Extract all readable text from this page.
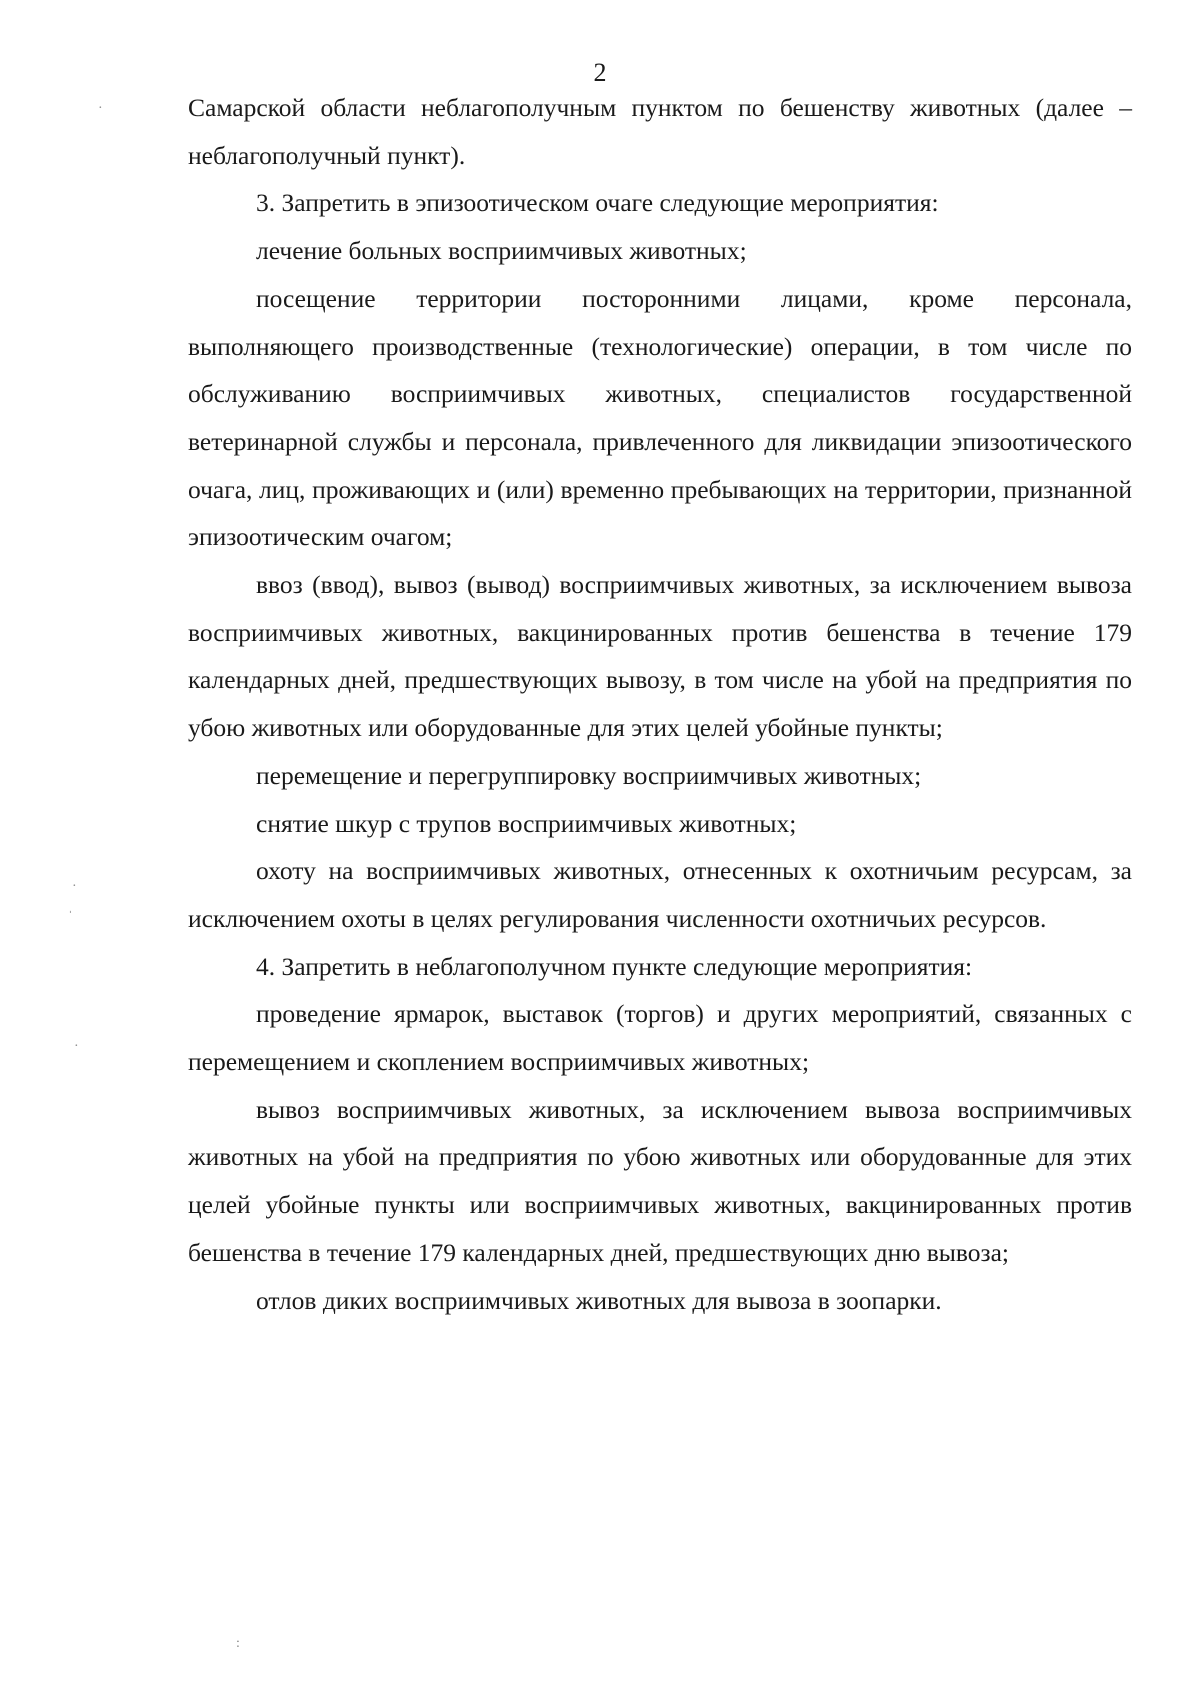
2

Самарской области неблагополучным пунктом по бешенству животных (далее – неблагополучный пункт).

3. Запретить в эпизоотическом очаге следующие мероприятия:

лечение больных восприимчивых животных;

посещение территории посторонними лицами, кроме персонала, выполняющего производственные (технологические) операции, в том числе по обслуживанию восприимчивых животных, специалистов государственной ветеринарной службы и персонала, привлеченного для ликвидации эпизоотического очага, лиц, проживающих и (или) временно пребывающих на территории, признанной эпизоотическим очагом;

ввоз (ввод), вывоз (вывод) восприимчивых животных, за исключением вывоза восприимчивых животных, вакцинированных против бешенства в течение 179 календарных дней, предшествующих вывозу, в том числе на убой на предприятия по убою животных или оборудованные для этих целей убойные пункты;

перемещение и перегруппировку восприимчивых животных;

снятие шкур с трупов восприимчивых животных;

охоту на восприимчивых животных, отнесенных к охотничьим ресурсам, за исключением охоты в целях регулирования численности охотничьих ресурсов.

4. Запретить в неблагополучном пункте следующие мероприятия:

проведение ярмарок, выставок (торгов) и других мероприятий, связанных с перемещением и скоплением восприимчивых животных;

вывоз восприимчивых животных, за исключением вывоза восприимчивых животных на убой на предприятия по убою животных или оборудованные для этих целей убойные пункты или восприимчивых животных, вакцинированных против бешенства в течение 179 календарных дней, предшествующих дню вывоза;

отлов диких восприимчивых животных для вывоза в зоопарки.

·
·
ˌ
·
:
